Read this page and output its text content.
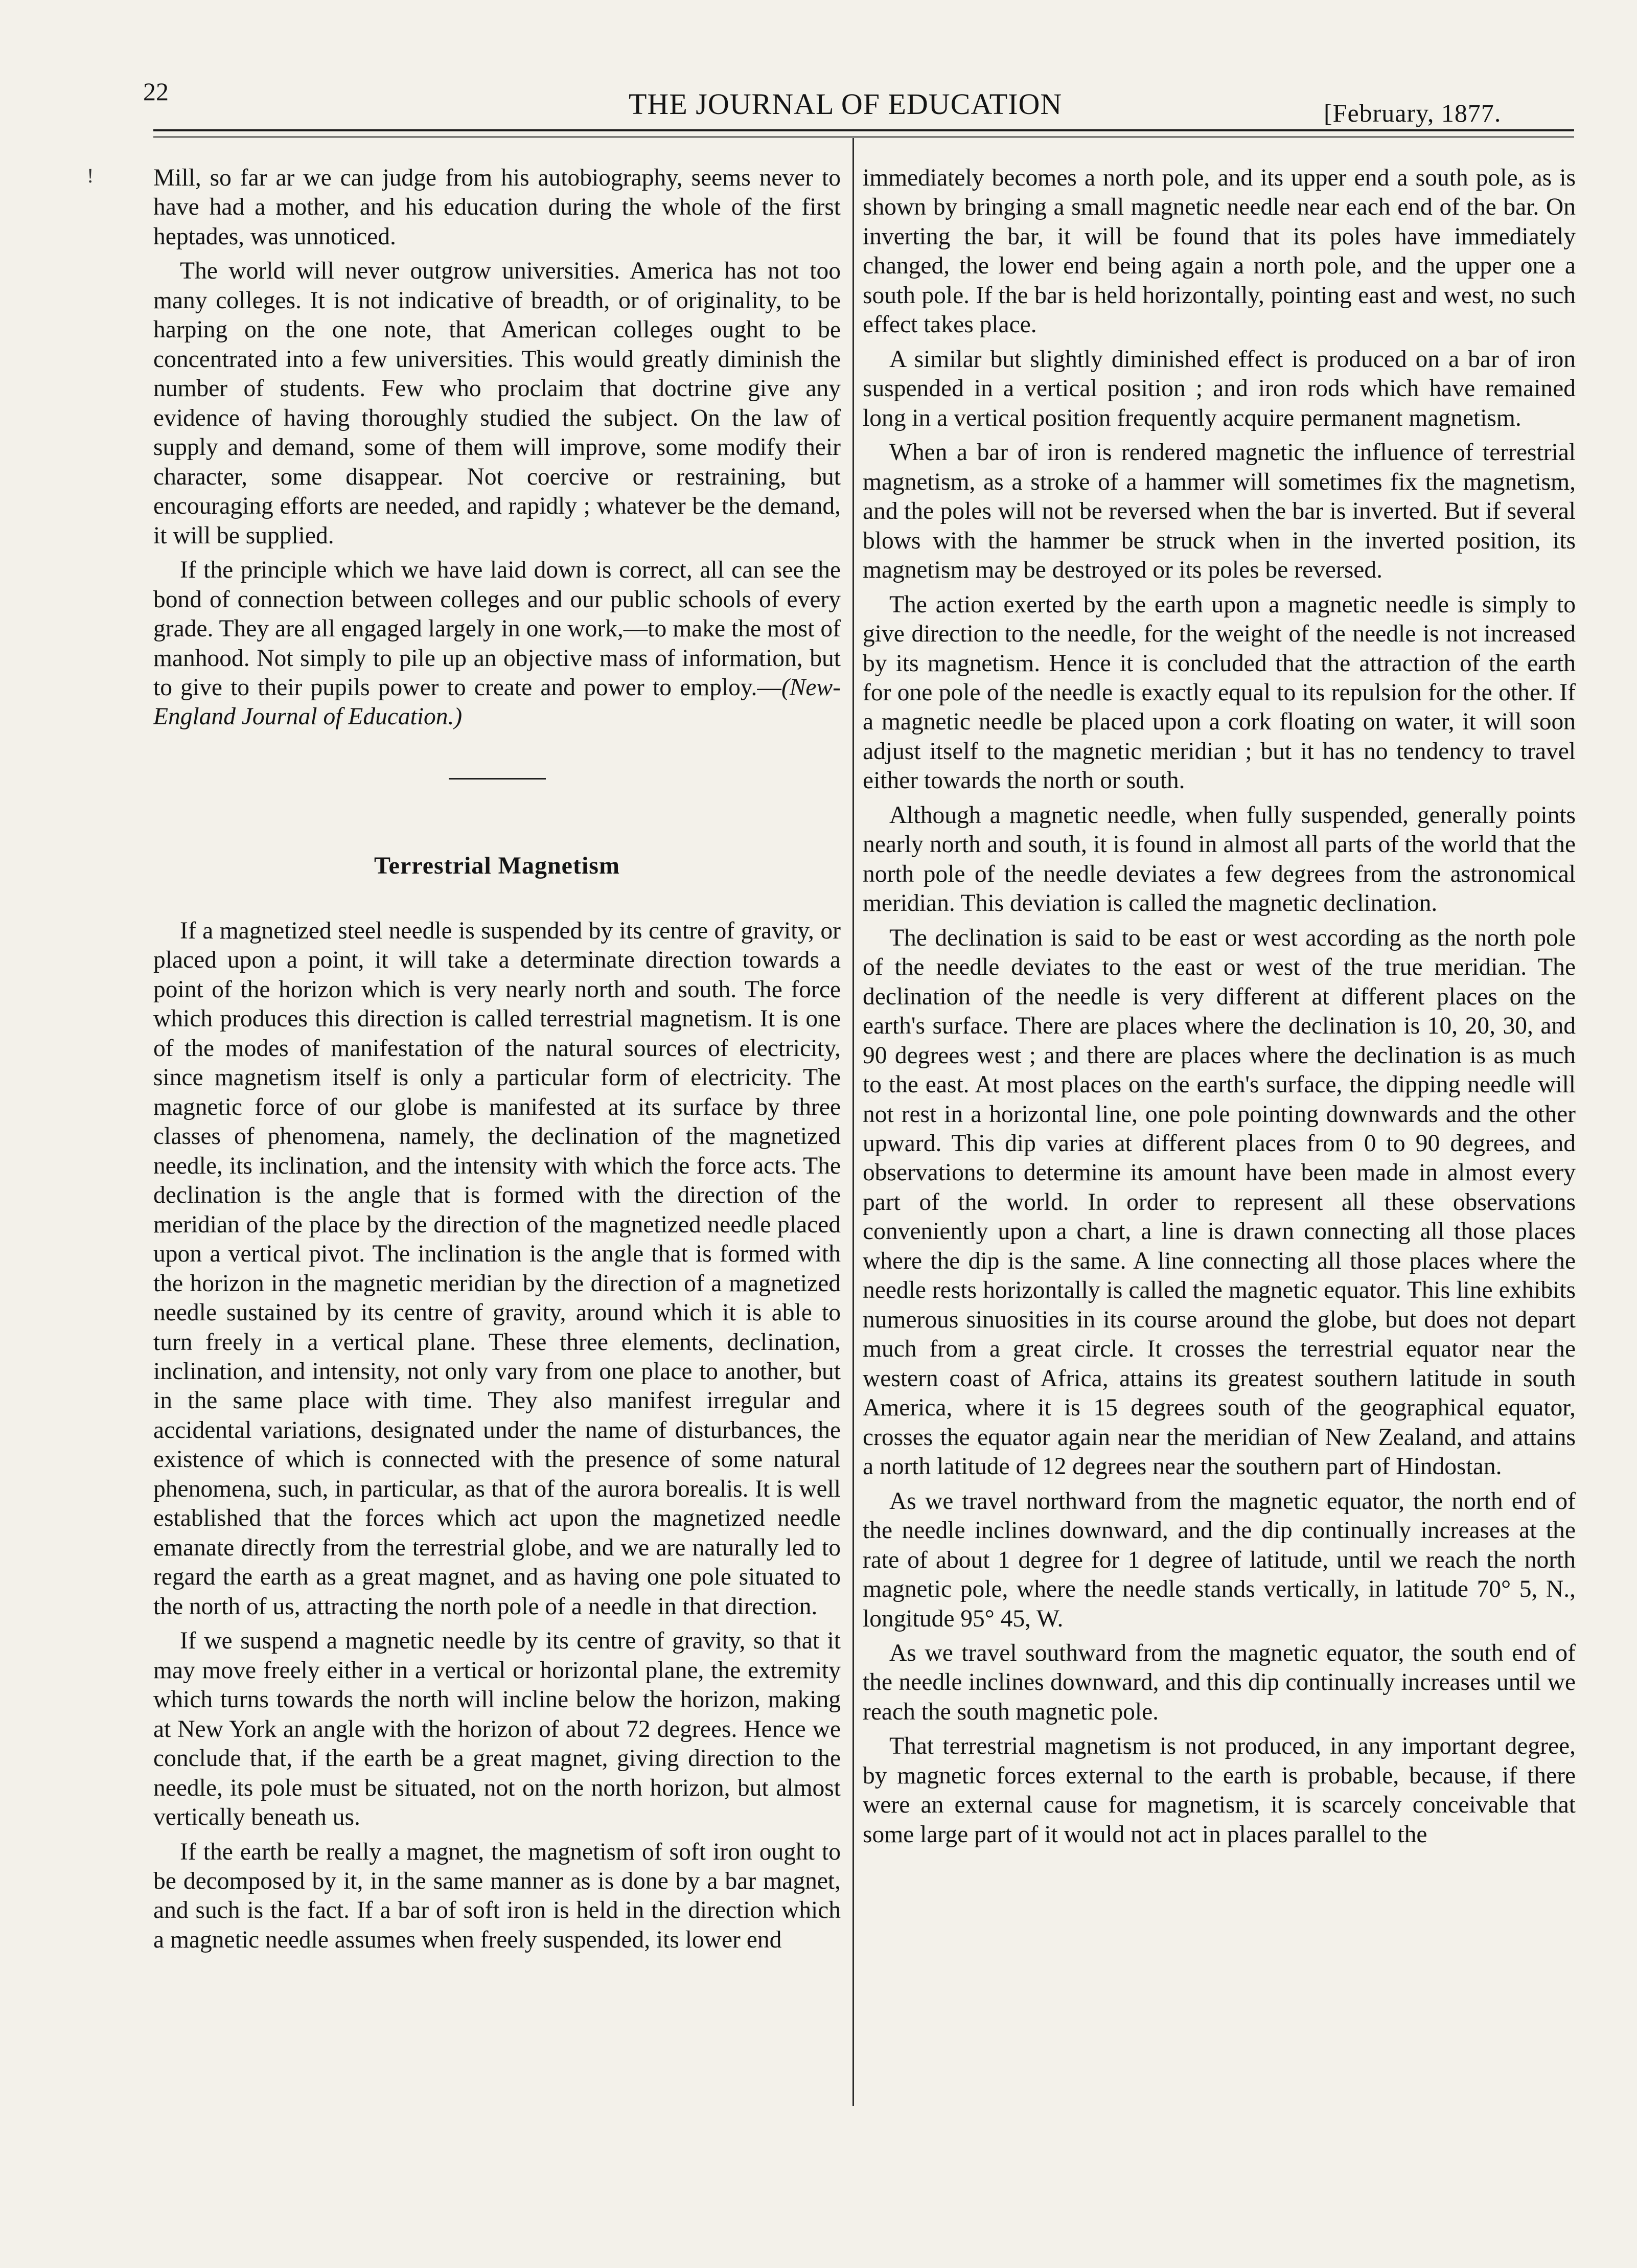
!
22	THE JOURNAL OF EDUCATION	[February, 1877.

Mill, so far ar we can judge from his autobiography, seems never to have had a mother, and his education during the whole of the first heptades, was unnoticed.

The world will never outgrow universities. America has not too many colleges. It is not indicative of breadth, or of originality, to be harping on the one note, that American colleges ought to be concentrated into a few universities. This would greatly diminish the number of students. Few who proclaim that doctrine give any evidence of having thoroughly studied the subject. On the law of supply and demand, some of them will improve, some modify their character, some disappear. Not coercive or restraining, but encouraging efforts are needed, and rapidly ; whatever be the demand, it will be supplied.

If the principle which we have laid down is correct, all can see the bond of connection between colleges and our public schools of every grade. They are all engaged largely in one work,—to make the most of manhood. Not simply to pile up an objective mass of information, but to give to their pupils power to create and power to employ.—(New-England Journal of Education.)

Terrestrial Magnetism

If a magnetized steel needle is suspended by its centre of gravity, or placed upon a point, it will take a determinate direction towards a point of the horizon which is very nearly north and south. The force which produces this direction is called terrestrial magnetism. It is one of the modes of manifestation of the natural sources of electricity, since magnetism itself is only a particular form of electricity. The magnetic force of our globe is manifested at its surface by three classes of phenomena, namely, the declination of the magnetized needle, its inclination, and the intensity with which the force acts. The declination is the angle that is formed with the direction of the meridian of the place by the direction of the magnetized needle placed upon a vertical pivot. The inclination is the angle that is formed with the horizon in the magnetic meridian by the direction of a magnetized needle sustained by its centre of gravity, around which it is able to turn freely in a vertical plane. These three elements, declination, inclination, and intensity, not only vary from one place to another, but in the same place with time. They also manifest irregular and accidental variations, designated under the name of disturbances, the existence of which is connected with the presence of some natural phenomena, such, in particular, as that of the aurora borealis. It is well established that the forces which act upon the magnetized needle emanate directly from the terrestrial globe, and we are naturally led to regard the earth as a great magnet, and as having one pole situated to the north of us, attracting the north pole of a needle in that direction.

If we suspend a magnetic needle by its centre of gravity, so that it may move freely either in a vertical or horizontal plane, the extremity which turns towards the north will incline below the horizon, making at New York an angle with the horizon of about 72 degrees. Hence we conclude that, if the earth be a great magnet, giving direction to the needle, its pole must be situated, not on the north horizon, but almost vertically beneath us.

If the earth be really a magnet, the magnetism of soft iron ought to be decomposed by it, in the same manner as is done by a bar magnet, and such is the fact. If a bar of soft iron is held in the direction which a magnetic needle assumes when freely suspended, its lower end

immediately becomes a north pole, and its upper end a south pole, as is shown by bringing a small magnetic needle near each end of the bar. On inverting the bar, it will be found that its poles have immediately changed, the lower end being again a north pole, and the upper one a south pole. If the bar is held horizontally, pointing east and west, no such effect takes place.

A similar but slightly diminished effect is produced on a bar of iron suspended in a vertical position ; and iron rods which have remained long in a vertical position frequently acquire permanent magnetism.

When a bar of iron is rendered magnetic the influence of terrestrial magnetism, as a stroke of a hammer will sometimes fix the magnetism, and the poles will not be reversed when the bar is inverted. But if several blows with the hammer be struck when in the inverted position, its magnetism may be destroyed or its poles be reversed.

The action exerted by the earth upon a magnetic needle is simply to give direction to the needle, for the weight of the needle is not increased by its magnetism. Hence it is concluded that the attraction of the earth for one pole of the needle is exactly equal to its repulsion for the other. If a magnetic needle be placed upon a cork floating on water, it will soon adjust itself to the magnetic meridian ; but it has no tendency to travel either towards the north or south.

Although a magnetic needle, when fully suspended, generally points nearly north and south, it is found in almost all parts of the world that the north pole of the needle deviates a few degrees from the astronomical meridian. This deviation is called the magnetic declination.

The declination is said to be east or west according as the north pole of the needle deviates to the east or west of the true meridian. The declination of the needle is very different at different places on the earth's surface. There are places where the declination is 10, 20, 30, and 90 degrees west ; and there are places where the declination is as much to the east. At most places on the earth's surface, the dipping needle will not rest in a horizontal line, one pole pointing downwards and the other upward. This dip varies at different places from 0 to 90 degrees, and observations to determine its amount have been made in almost every part of the world. In order to represent all these observations conveniently upon a chart, a line is drawn connecting all those places where the dip is the same. A line connecting all those places where the needle rests horizontally is called the magnetic equator. This line exhibits numerous sinuosities in its course around the globe, but does not depart much from a great circle. It crosses the terrestrial equator near the western coast of Africa, attains its greatest southern latitude in south America, where it is 15 degrees south of the geographical equator, crosses the equator again near the meridian of New Zealand, and attains a north latitude of 12 degrees near the southern part of Hindostan.

As we travel northward from the magnetic equator, the north end of the needle inclines downward, and the dip continually increases at the rate of about 1 degree for 1 degree of latitude, until we reach the north magnetic pole, where the needle stands vertically, in latitude 70° 5, N., longitude 95° 45, W.

As we travel southward from the magnetic equator, the south end of the needle inclines downward, and this dip continually increases until we reach the south magnetic pole.

That terrestrial magnetism is not produced, in any important degree, by magnetic forces external to the earth is probable, because, if there were an external cause for magnetism, it is scarcely conceivable that some large part of it would not act in places parallel to the
